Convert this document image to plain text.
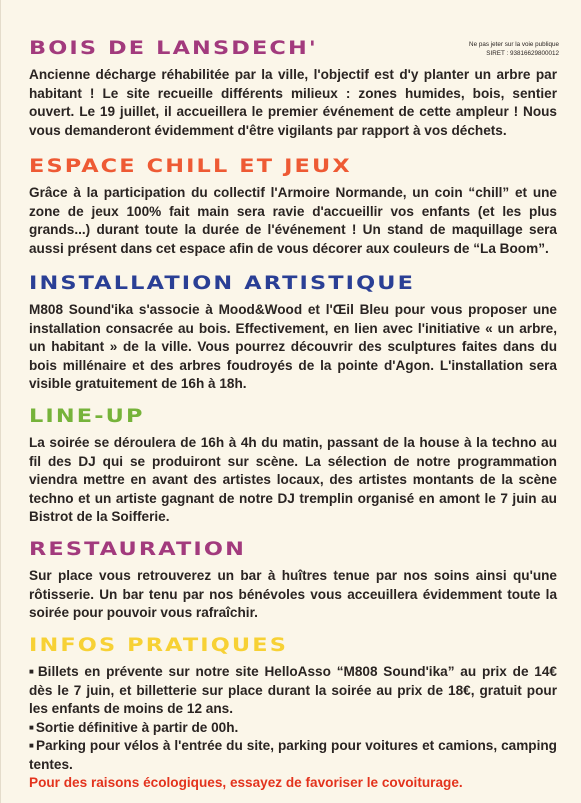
Ne pas jeter sur la voie publique
SIRET : 93816629800012
BOIS DE LANSDECH'

Ancienne décharge réhabilitée par la ville, l'objectif est d'y planter un arbre par habitant ! Le site recueille différents milieux : zones humides, bois, sentier ouvert. Le 19 juillet, il accueillera le premier événement de cette ampleur ! Nous vous demanderont évidemment d'être vigilants par rapport à vos déchets.

ESPACE CHILL ET JEUX

Grâce à la participation du collectif l'Armoire Normande, un coin “chill” et une zone de jeux 100% fait main sera ravie d'accueillir vos enfants (et les plus grands...) durant toute la durée de l'événement ! Un stand de maquillage sera aussi présent dans cet espace afin de vous décorer aux couleurs de “La Boom”.

INSTALLATION ARTISTIQUE

M808 Sound'ika s'associe à Mood&Wood et l'Œil Bleu pour vous proposer une installation consacrée au bois. Effectivement, en lien avec l'initiative « un arbre, un habitant » de la ville. Vous pourrez découvrir des sculptures faites dans du bois millénaire et des arbres foudroyés de la pointe d'Agon. L'installation sera visible gratuitement de 16h à 18h.

LINE-UP

La soirée se déroulera de 16h à 4h du matin, passant de la house à la techno au fil des DJ qui se produiront sur scène. La sélection de notre programmation viendra mettre en avant des artistes locaux, des artistes montants de la scène techno et un artiste gagnant de notre DJ tremplin organisé en amont le 7 juin au Bistrot de la Soifferie.

RESTAURATION

Sur place vous retrouverez un bar à huîtres tenue par nos soins ainsi qu'une rôtisserie. Un bar tenu par nos bénévoles vous acceuillera évidemment toute la soirée pour pouvoir vous rafraîchir.

INFOS PRATIQUES
■ Billets en prévente sur notre site HelloAsso “M808 Sound'ika” au prix de 14€ dès le 7 juin, et billetterie sur place durant la soirée au prix de 18€, gratuit pour les enfants de moins de 12 ans.
■ Sortie définitive à partir de 00h.
■ Parking pour vélos à l'entrée du site, parking pour voitures et camions, camping tentes.

Pour des raisons écologiques, essayez de favoriser le covoiturage.
